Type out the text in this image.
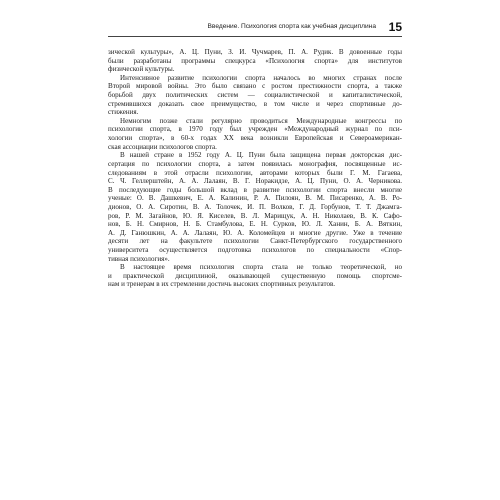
Введение. Психология спорта как учебная дисциплина 15
зической культуры», А. Ц. Пуни, З. И. Чучмарев, П. А. Рудик. В довоенные годы
были разработаны программы спецкурса «Психология спорта» для институтов
физической культуры.
Интенсивное развитие психологии спорта началось во многих странах после
Второй мировой войны. Это было связано с ростом престижности спорта, а также
борьбой двух политических систем — социалистической и капиталистической,
стремившихся доказать свое преимущество, в том числе и через спортивные до-
стижения.
Немногим позже стали регулярно проводиться Международные конгрессы по
психологии спорта, в 1970 году был учрежден «Международный журнал по пси-
хологии спорта», в 60-х годах XX века возникли Европейская и Североамерикан-
ская ассоциации психологов спорта.
В нашей стране в 1952 году А. Ц. Пуни была защищена первая докторская дис-
сертация по психологии спорта, а затем появилась монография, посвященные ис-
следованиям в этой отрасли психологии, авторами которых были Г. М. Гагаева,
С. Ч. Геллерштейн, А. А. Лалаян, В. Г. Норакидзе, А. Ц. Пуни, О. А. Черникова.
В последующие годы большой вклад в развитие психологии спорта внесли многие
ученые: О. В. Дашкевич, Е. А. Калинин, Р. А. Пилоян, В. М. Писаренко, А. В. Ро-
дионов, О. А. Сиротин, В. А. Толочек, И. П. Волков, Г. Д. Горбунов, Т. Т. Джамга-
ров, Р. М. Загайнов, Ю. Я. Киселев, В. Л. Марищук, А. Н. Николаев, В. К. Сафо-
нов, Б. Н. Смирнов, Н. Б. Стамбулова, Е. Н. Сурков, Ю. Л. Ханин, Б. А. Вяткин,
А. Д. Ганюшкин, А. А. Лалаян, Ю. А. Коломейцев и многие другие. Уже в течение
десяти лет на факультете психологии Санкт-Петербургского государственного
университета осуществляется подготовка психологов по специальности «Спор-
тивная психология».
В настоящее время психология спорта стала не только теоретической, но
и практической дисциплиной, оказывающей существенную помощь спортсме-
нам и тренерам в их стремлении достичь высоких спортивных результатов.
